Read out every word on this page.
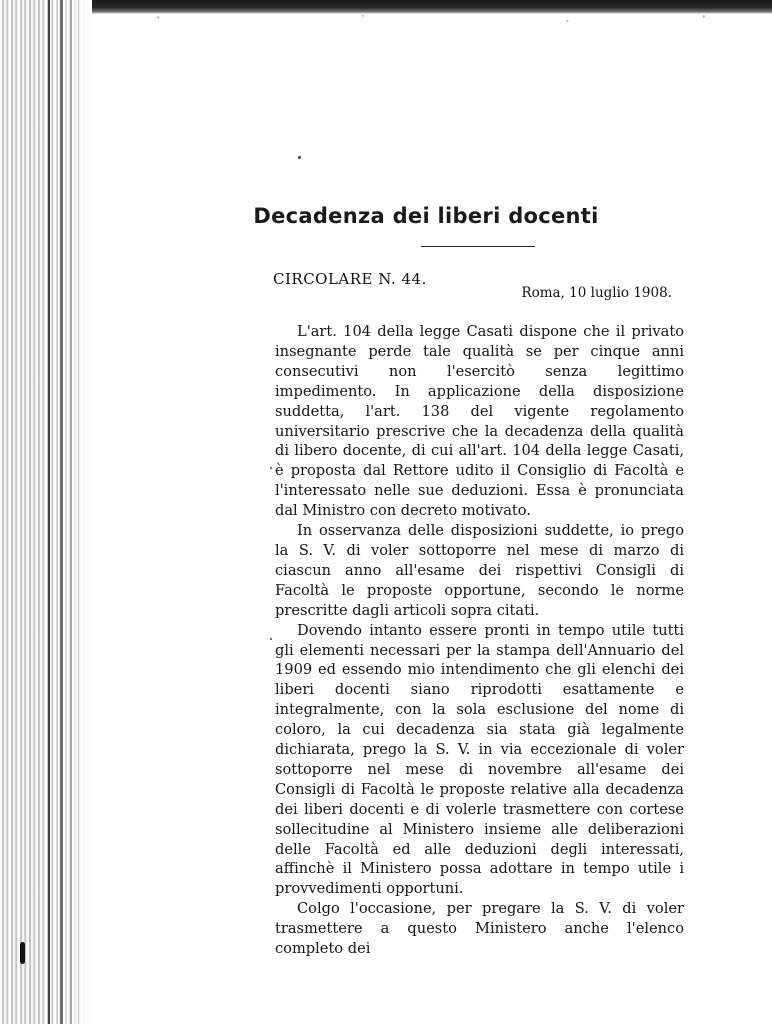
Decadenza dei liberi docenti
CIRCOLARE N. 44.
Roma, 10 luglio 1908.

L'art. 104 della legge Casati dispone che il privato insegnante perde tale qualità se per cinque anni consecutivi non l'esercitò senza legittimo impedimento. In applicazione della disposizione suddetta, l'art. 138 del vigente regolamento universitario prescrive che la decadenza della qualità di libero docente, di cui all'art. 104 della legge Casati, è proposta dal Rettore udito il Consiglio di Facoltà e l'interessato nelle sue deduzioni. Essa è pronunciata dal Ministro con decreto motivato.

In osservanza delle disposizioni suddette, io prego la S. V. di voler sottoporre nel mese di marzo di ciascun anno all'esame dei rispettivi Consigli di Facoltà le proposte opportune, secondo le norme prescritte dagli articoli sopra citati.

Dovendo intanto essere pronti in tempo utile tutti gli elementi necessari per la stampa dell'Annuario del 1909 ed essendo mio intendimento che gli elenchi dei liberi docenti siano riprodotti esattamente e integralmente, con la sola esclusione del nome di coloro, la cui decadenza sia stata già legalmente dichiarata, prego la S. V. in via eccezionale di voler sottoporre nel mese di novembre all'esame dei Consigli di Facoltà le proposte relative alla decadenza dei liberi docenti e di volerle trasmettere con cortese sollecitudine al Ministero insieme alle deliberazioni delle Facoltà ed alle deduzioni degli interessati, affinchè il Ministero possa adottare in tempo utile i provvedimenti opportuni.

Colgo l'occasione, per pregare la S. V. di voler trasmettere a questo Ministero anche l'elenco completo dei
